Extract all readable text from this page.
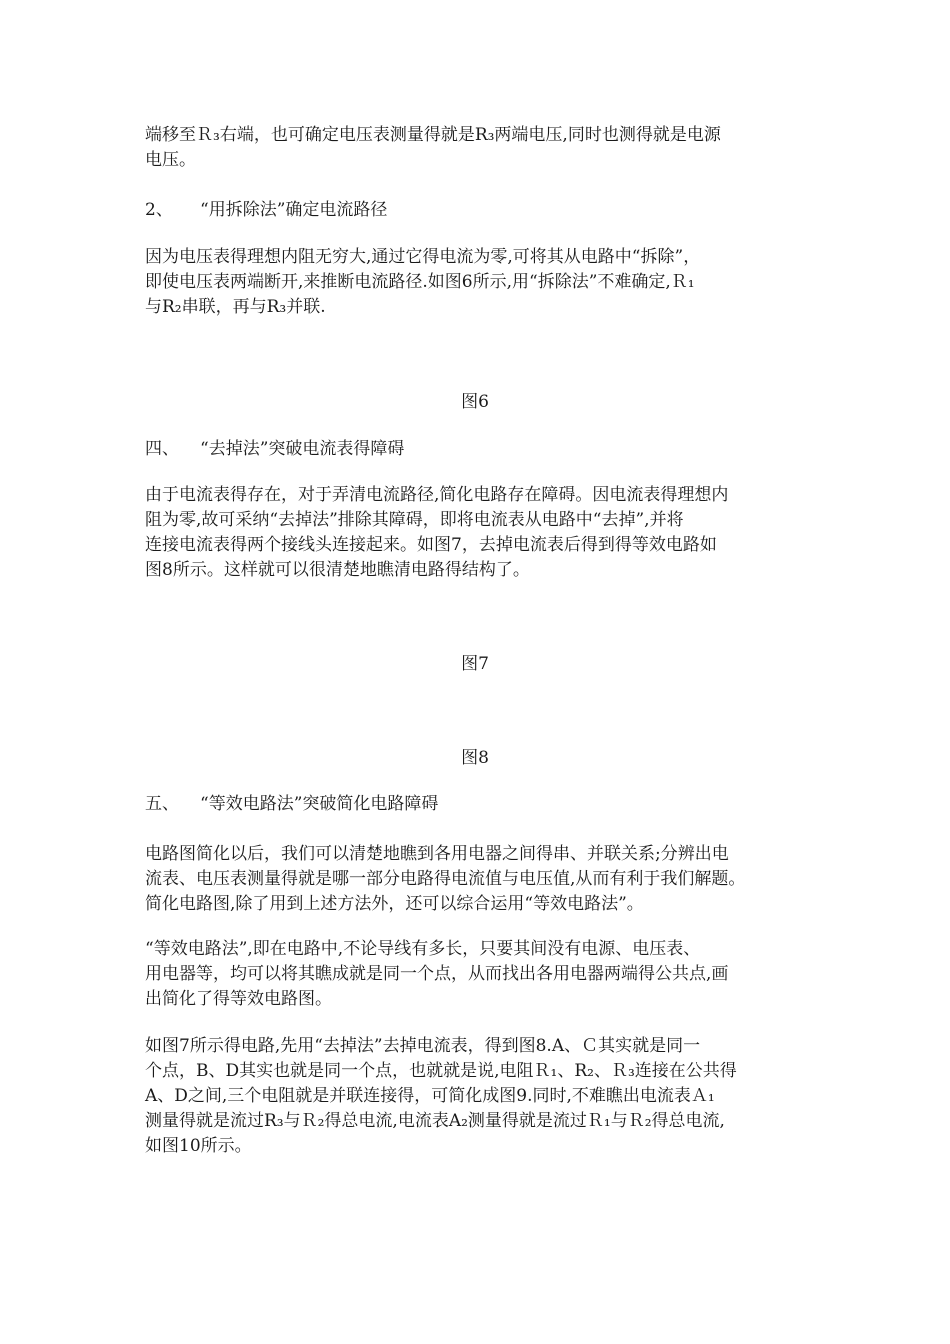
端移至Ｒ₃右端，也可确定电压表测量得就是R₃两端电压,同时也测得就是电源
电压。
2、 “用拆除法”确定电流路径
因为电压表得理想内阻无穷大,通过它得电流为零,可将其从电路中“拆除”，
即使电压表两端断开,来推断电流路径.如图6所示,用“拆除法”不难确定,Ｒ₁
与R₂串联，再与R₃并联.
图6
四、 “去掉法”突破电流表得障碍
由于电流表得存在，对于弄清电流路径,简化电路存在障碍。因电流表得理想内
阻为零,故可采纳“去掉法”排除其障碍，即将电流表从电路中“去掉”,并将
连接电流表得两个接线头连接起来。如图7，去掉电流表后得到得等效电路如
图8所示。这样就可以很清楚地瞧清电路得结构了。
图7
图8
五、 “等效电路法”突破简化电路障碍
电路图简化以后，我们可以清楚地瞧到各用电器之间得串、并联关系;分辨出电
流表、电压表测量得就是哪一部分电路得电流值与电压值,从而有利于我们解题。
简化电路图,除了用到上述方法外，还可以综合运用“等效电路法”。
“等效电路法”,即在电路中,不论导线有多长，只要其间没有电源、电压表、
用电器等，均可以将其瞧成就是同一个点，从而找出各用电器两端得公共点,画
出简化了得等效电路图。
如图7所示得电路,先用“去掉法”去掉电流表，得到图8.A、Ｃ其实就是同一
个点，B、D其实也就是同一个点，也就就是说,电阻Ｒ₁、R₂、Ｒ₃连接在公共得
A、D之间,三个电阻就是并联连接得，可简化成图9.同时,不难瞧出电流表Ａ₁
测量得就是流过R₃与Ｒ₂得总电流,电流表A₂测量得就是流过Ｒ₁与Ｒ₂得总电流,
如图10所示。
